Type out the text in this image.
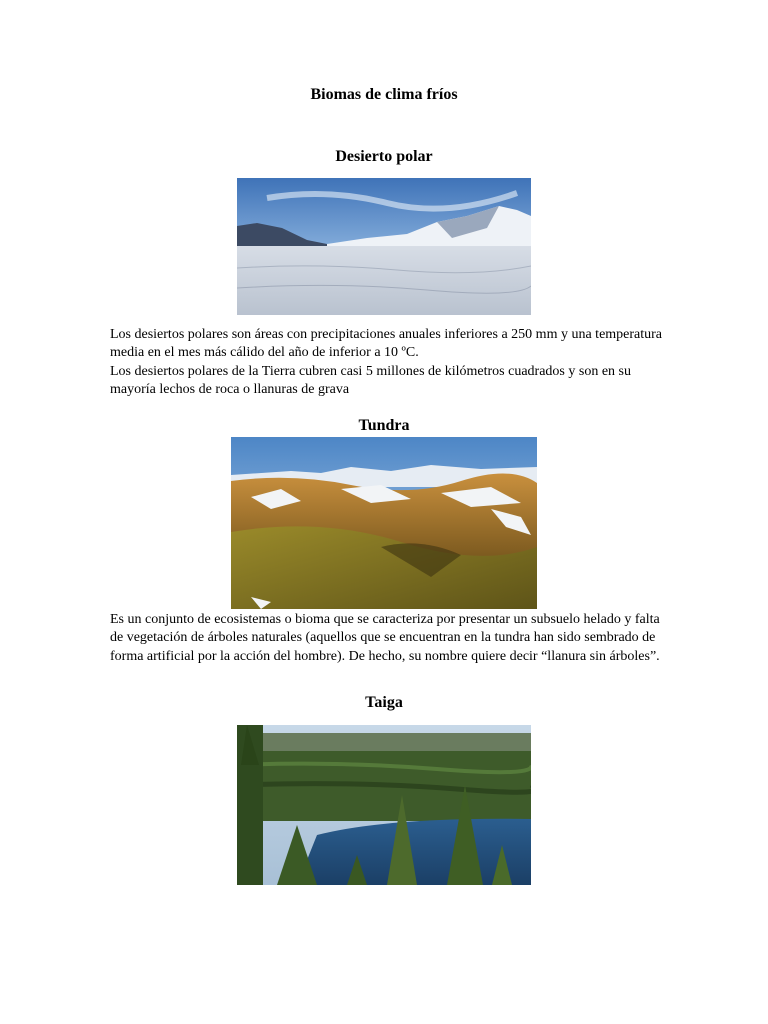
Biomas de clima fríos
Desierto polar

Los desiertos polares son áreas con precipitaciones anuales inferiores a 250 mm y una temperatura media en el mes más cálido del año de inferior a 10 ºC.

Los desiertos polares de la Tierra cubren casi 5 millones de kilómetros cuadrados y son en su mayoría lechos de roca o llanuras de grava

Tundra

Es un conjunto de ecosistemas o bioma que se caracteriza por presentar un subsuelo helado y falta de vegetación de árboles naturales (aquellos que se encuentran en la tundra han sido sembrado de forma artificial por la acción del hombre). De hecho, su nombre quiere decir “llanura sin árboles”.

Taiga
